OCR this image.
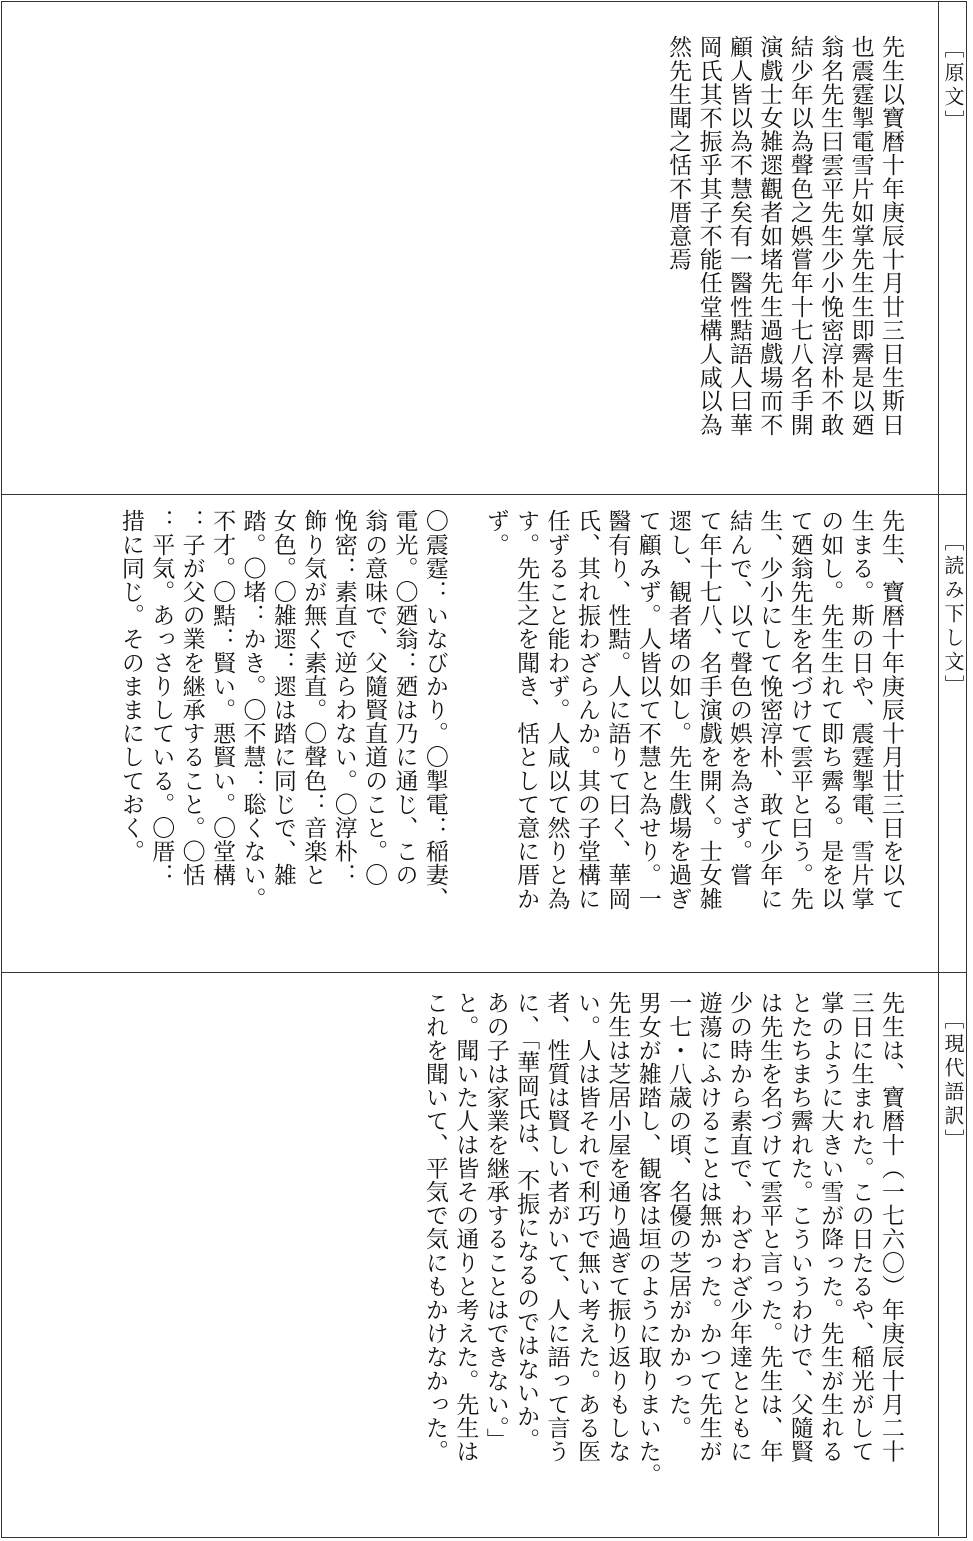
［原文］
先生以寶暦十年庚辰十月廿三日生斯日
也震霆掣電雪片如掌先生生即霽是以廼
翁名先生曰雲平先生少小悗密淳朴不敢
結少年以為聲色之娯嘗年十七八名手開
演戲士女雑遝觀者如堵先生過戲場而不
顧人皆以為不慧矣有一醫性黠語人曰華
岡氏其不振乎其子不能任堂構人咸以為
然先生聞之恬不厝意焉
［読み下し文］
先生、寶暦十年庚辰十月廿三日を以て
生まる。斯の日や、震霆掣電、雪片掌
の如し。先生生れて即ち霽る。是を以
て廼翁先生を名づけて雲平と曰う。先
生、少小にして悗密淳朴、敢て少年に
結んで、以て聲色の娯を為さず。嘗
て年十七八、名手演戲を開く。士女雑
遝し、観者堵の如し。先生戲場を過ぎ
て顧みず。人皆以て不慧と為せり。一
醫有り、性黠。人に語りて曰く、華岡
氏、其れ振わざらんか。其の子堂構に
任ずること能わず。人咸以て然りと為
す。先生之を聞き、恬として意に厝か
ず。

〇震霆：いなびかり。〇掣電：稲妻、
電光。〇廼翁：廼は乃に通じ、この
翁の意味で、父隨賢直道のこと。〇
悗密：素直で逆らわない。〇淳朴：
飾り気が無く素直。〇聲色：音楽と
女色。〇雑遝：遝は踏に同じで、雑
踏。〇堵：かき。〇不慧：聡くない。
不才。〇黠：賢い。悪賢い。〇堂構
：子が父の業を継承すること。〇恬
：平気。あっさりしている。〇厝：
措に同じ。そのままにしておく。
［現代語訳］
先生は、寶暦十（一七六〇）年庚辰十月二十
三日に生まれた。この日たるや、稲光がして
掌のように大きい雪が降った。先生が生れる
とたちまち霽れた。こういうわけで、父隨賢
は先生を名づけて雲平と言った。先生は、年
少の時から素直で、わざわざ少年達とともに
遊蕩にふけることは無かった。かつて先生が
一七・八歳の頃、名優の芝居がかかった。
男女が雑踏し、観客は垣のように取りまいた。
先生は芝居小屋を通り過ぎて振り返りもしな
い。人は皆それで利巧で無い考えた。ある医
者、性質は賢しい者がいて、人に語って言う
に、「華岡氏は、不振になるのではないか。
あの子は家業を継承することはできない。」
と。聞いた人は皆その通りと考えた。先生は
これを聞いて、平気で気にもかけなかった。
